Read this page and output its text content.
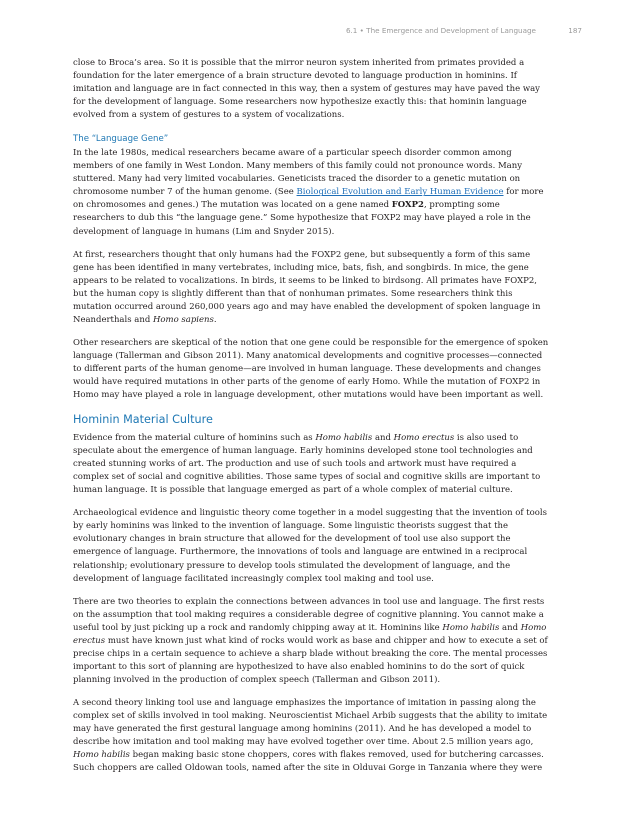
6.1 • The Emergence and Development of Language	187

close to Broca’s area. So it is possible that the mirror neuron system inherited from primates provided a foundation for the later emergence of a brain structure devoted to language production in hominins. If imitation and language are in fact connected in this way, then a system of gestures may have paved the way for the development of language. Some researchers now hypothesize exactly this: that hominin language evolved from a system of gestures to a system of vocalizations.

The “Language Gene”

In the late 1980s, medical researchers became aware of a particular speech disorder common among members of one family in West London. Many members of this family could not pronounce words. Many stuttered. Many had very limited vocabularies. Geneticists traced the disorder to a genetic mutation on chromosome number 7 of the human genome. (See Biological Evolution and Early Human Evidence for more on chromosomes and genes.) The mutation was located on a gene named FOXP2, prompting some researchers to dub this “the language gene.” Some hypothesize that FOXP2 may have played a role in the development of language in humans (Lim and Snyder 2015).

At first, researchers thought that only humans had the FOXP2 gene, but subsequently a form of this same gene has been identified in many vertebrates, including mice, bats, fish, and songbirds. In mice, the gene appears to be related to vocalizations. In birds, it seems to be linked to birdsong. All primates have FOXP2, but the human copy is slightly different than that of nonhuman primates. Some researchers think this mutation occurred around 260,000 years ago and may have enabled the development of spoken language in Neanderthals and Homo sapiens.

Other researchers are skeptical of the notion that one gene could be responsible for the emergence of spoken language (Tallerman and Gibson 2011). Many anatomical developments and cognitive processes—connected to different parts of the human genome—are involved in human language. These developments and changes would have required mutations in other parts of the genome of early Homo. While the mutation of FOXP2 in Homo may have played a role in language development, other mutations would have been important as well.

Hominin Material Culture

Evidence from the material culture of hominins such as Homo habilis and Homo erectus is also used to speculate about the emergence of human language. Early hominins developed stone tool technologies and created stunning works of art. The production and use of such tools and artwork must have required a complex set of social and cognitive abilities. Those same types of social and cognitive skills are important to human language. It is possible that language emerged as part of a whole complex of material culture.

Archaeological evidence and linguistic theory come together in a model suggesting that the invention of tools by early hominins was linked to the invention of language. Some linguistic theorists suggest that the evolutionary changes in brain structure that allowed for the development of tool use also support the emergence of language. Furthermore, the innovations of tools and language are entwined in a reciprocal relationship; evolutionary pressure to develop tools stimulated the development of language, and the development of language facilitated increasingly complex tool making and tool use.

There are two theories to explain the connections between advances in tool use and language. The first rests on the assumption that tool making requires a considerable degree of cognitive planning. You cannot make a useful tool by just picking up a rock and randomly chipping away at it. Hominins like Homo habilis and Homo erectus must have known just what kind of rocks would work as base and chipper and how to execute a set of precise chips in a certain sequence to achieve a sharp blade without breaking the core. The mental processes important to this sort of planning are hypothesized to have also enabled hominins to do the sort of quick planning involved in the production of complex speech (Tallerman and Gibson 2011).

A second theory linking tool use and language emphasizes the importance of imitation in passing along the complex set of skills involved in tool making. Neuroscientist Michael Arbib suggests that the ability to imitate may have generated the first gestural language among hominins (2011). And he has developed a model to describe how imitation and tool making may have evolved together over time. About 2.5 million years ago, Homo habilis began making basic stone choppers, cores with flakes removed, used for butchering carcasses. Such choppers are called Oldowan tools, named after the site in Olduvai Gorge in Tanzania where they were
